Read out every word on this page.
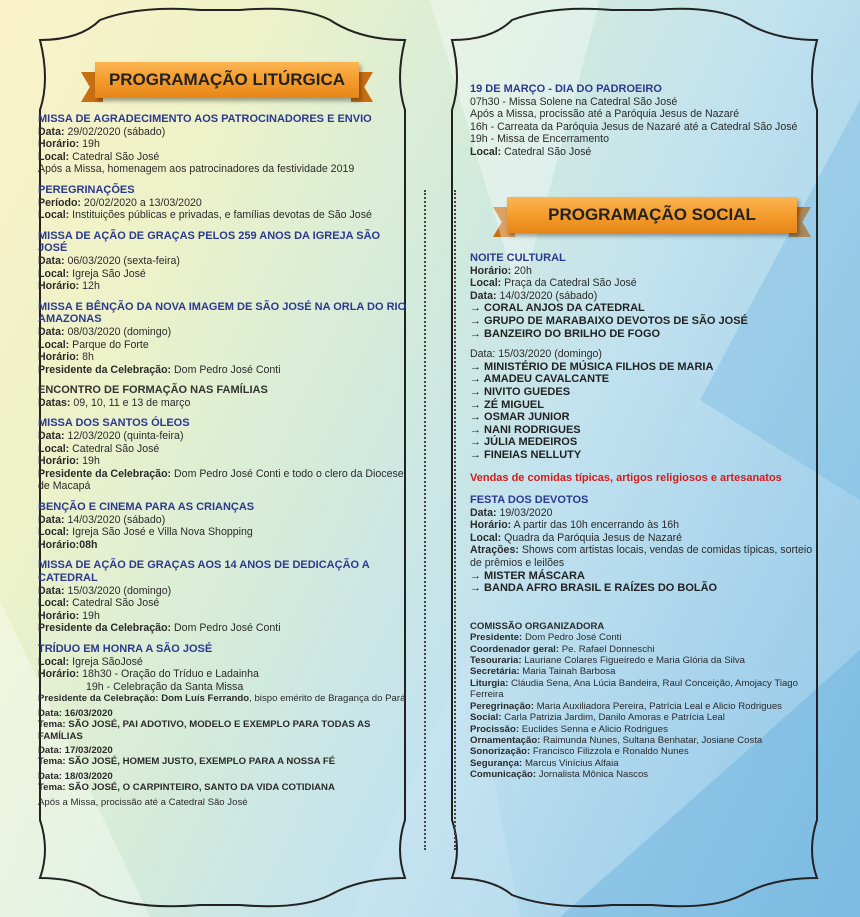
PROGRAMAÇÃO LITÚRGICA
PROGRAMAÇÃO SOCIAL
MISSA DE AGRADECIMENTO AOS PATROCINADORES E ENVIO
Data: 29/02/2020 (sábado)
Horário: 19h
Local: Catedral São José
Após a Missa, homenagem aos patrocinadores da festividade 2019
PEREGRINAÇÕES
Período: 20/02/2020 a 13/03/2020
Local: Instituições públicas e privadas, e famílias devotas de São José
MISSA DE AÇÃO DE GRAÇAS PELOS 259 ANOS DA IGREJA SÃO JOSÉ
Data: 06/03/2020 (sexta-feira)
Local: Igreja São José
Horário: 12h
MISSA E BÊNÇÃO DA NOVA IMAGEM DE SÃO JOSÉ NA ORLA DO RIO AMAZONAS
Data: 08/03/2020 (domingo)
Local: Parque do Forte
Horário: 8h
Presidente da Celebração: Dom Pedro José Conti
ENCONTRO DE FORMAÇÃO NAS FAMÍLIAS
Datas: 09, 10, 11 e 13 de março
MISSA DOS SANTOS ÓLEOS
Data: 12/03/2020 (quinta-feira)
Local: Catedral São José
Horário: 19h
Presidente da Celebração: Dom Pedro José Conti e todo o clero da Diocese de Macapá
BENÇÃO E CINEMA PARA AS CRIANÇAS
Data: 14/03/2020 (sábado)
Local: Igreja São José e Villa Nova Shopping
Horário:08h
MISSA DE AÇÃO DE GRAÇAS AOS 14 ANOS DE DEDICAÇÃO A CATEDRAL
Data: 15/03/2020 (domingo)
Local: Catedral São José
Horário: 19h
Presidente da Celebração: Dom Pedro José Conti
TRÍDUO EM HONRA A SÃO JOSÉ
Local: Igreja SãoJosé
Horário: 18h30 - Oração do Tríduo e Ladainha
19h - Celebração da Santa Missa
Presidente da Celebração: Dom Luís Ferrando, bispo emérito de Bragança do Pará
Data: 16/03/2020
Tema: SÃO JOSÉ, PAI ADOTIVO, MODELO E EXEMPLO PARA TODAS AS FAMÍLIAS
Data: 17/03/2020
Tema: SÃO JOSÉ, HOMEM JUSTO, EXEMPLO PARA A NOSSA FÉ
Data: 18/03/2020
Tema: SÃO JOSÉ, O CARPINTEIRO, SANTO DA VIDA COTIDIANA
Após a Missa, procissão até a Catedral São José
19 DE MARÇO - DIA DO PADROEIRO
07h30 - Missa Solene na Catedral São José
Após a Missa, procissão até a Paróquia Jesus de Nazaré
16h - Carreata da Paróquia Jesus de Nazaré até a Catedral São José
19h - Missa de Encerramento
Local: Catedral São José
NOITE CULTURAL
Horário: 20h
Local: Praça da Catedral São José
Data: 14/03/2020 (sábado)
→ CORAL ANJOS DA CATEDRAL
→ GRUPO DE MARABAIXO DEVOTOS DE SÃO JOSÉ
→ BANZEIRO DO BRILHO DE FOGO
Data: 15/03/2020 (domingo)
→ MINISTÉRIO DE MÚSICA FILHOS DE MARIA
→ AMADEU CAVALCANTE
→ NIVITO GUEDES
→ ZÉ MIGUEL
→ OSMAR JUNIOR
→ NANI RODRIGUES
→ JÚLIA MEDEIROS
→ FINEIAS NELLUTY
Vendas de comidas típicas, artigos religiosos e artesanatos
FESTA DOS DEVOTOS
Data: 19/03/2020
Horário: A partir das 10h encerrando às 16h
Local: Quadra da Paróquia Jesus de Nazaré
Atrações: Shows com artistas locais, vendas de comidas típicas, sorteio de prêmios e leilões
→ MISTER MÁSCARA
→ BANDA AFRO BRASIL E RAÍZES DO BOLÃO
COMISSÃO ORGANIZADORA
Presidente: Dom Pedro José Conti
Coordenador geral: Pe. Rafael Donneschi
Tesouraria: Lauriane Colares Figueiredo e Maria Glória da Silva
Secretária: Maria Tainah Barbosa
Liturgia: Cláudia Sena, Ana Lúcia Bandeira, Raul Conceição, Amojacy Tiago Ferreira
Peregrinação: Maria Auxiliadora Pereira, Patrícia Leal e Alicio Rodrigues
Social: Carla Patrizia Jardim, Danilo Amoras e Patrícia Leal
Procissão: Euclides Senna e Alicio Rodrigues
Ornamentação: Raimunda Nunes, Sultana Benhatar, Josiane Costa
Sonorização: Francisco Filizzola e Ronaldo Nunes
Segurança: Marcus Vinícius Alfaia
Comunicação: Jornalista Mônica Nascos
